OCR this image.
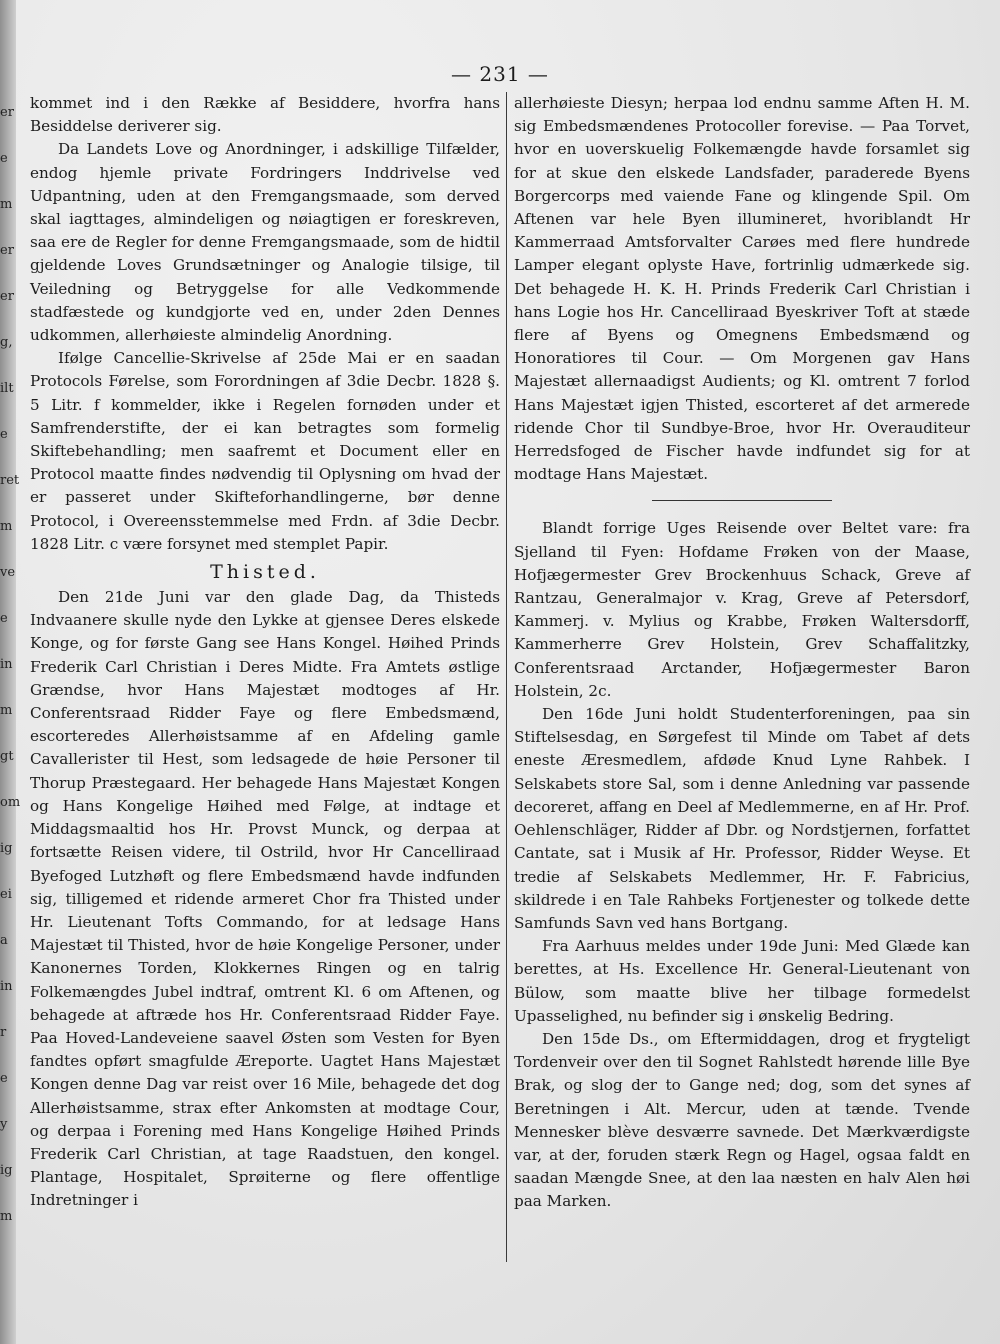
er
e
m
er
er
g,
ilt
e
ret
m
ve
e
in
m
gt
om
ig
ei
a
in
r
e
y
ig
m
— 231 —

kommet ind i den Række af Besiddere, hvorfra hans Besiddelse deriverer sig.

Da Landets Love og Anordninger, i adskillige Tilfælder, endog hjemle private Fordringers Inddrivelse ved Udpantning, uden at den Fremgangsmaade, som derved skal iagttages, almindeligen og nøiagtigen er foreskreven, saa ere de Regler for denne Fremgangsmaade, som de hidtil gjeldende Loves Grundsætninger og Analogie tilsige, til Veiledning og Betryggelse for alle Vedkommende stadfæstede og kundgjorte ved en, under 2den Dennes udkommen, allerhøieste almindelig Anordning.

Ifølge Cancellie-Skrivelse af 25de Mai er en saadan Protocols Førelse, som Forordningen af 3die Decbr. 1828 §. 5 Litr. f kommelder, ikke i Regelen fornøden under et Samfrenderstifte, der ei kan betragtes som formelig Skifteb͏ehandling; men saafremt et Document eller en Protocol maatte findes nødvendig til Oplysning om hvad der er passeret under Skifteforhandlingerne, bør denne Protocol, i Overeensstemmelse med Frdn. af 3die Decbr. 1828 Litr. c være forsynet med stemplet Papir.

Thisted.

Den 21de Juni var den glade Dag, da Thisteds Indvaanere skulle nyde den Lykke at gjensee Deres elskede Konge, og for første Gang see Hans Kongel. Høihed Prinds Frederik Carl Christian i Deres Midte. Fra Amtets østlige Grændse, hvor Hans Majestæt modtoges af Hr. Conferentsraad Ridder Faye og flere Embedsmænd, escorteredes Allerhøistsamme af en Afdeling gamle Cavallerister til Hest, som ledsagede de høie Personer til Thorup Præstegaard. Her behagede Hans Majestæt Kongen og Hans Kongelige Høihed med Følge, at indtage et Middagsmaaltid hos Hr. Provst Munck, og derpaa at fortsætte Reisen videre, til Ostrild, hvor Hr Cancelliraad Byefoged Lutzhøft og flere Embedsmænd havde indfunden sig, tilligemed et ridende armeret Chor fra Thisted under Hr. Lieutenant Tofts Commando, for at ledsage Hans Majestæt til Thisted, hvor de høie Kongelige Personer, under Kanonernes Torden, Klokkernes Ringen og en talrig Folkemængdes Jubel indtraf, omtrent Kl. 6 om Aftenen, og behagede at aftræde hos Hr. Conferentsraad Ridder Faye. Paa Hoved-Landeveiene saavel Østen som Vesten for Byen fandtes opført smagfulde Æreporte. Uagtet Hans Majestæt Kongen denne Dag var reist over 16 Mile, behagede det dog Allerhøistsamme, strax efter Ankomsten at modtage Cour, og derpaa i Forening med Hans Kongelige Høihed Prinds Frederik Carl Christian, at tage Raadstuen, den kongel. Plantage, Hospitalet, Sprøiterne og flere offentlige Indretninger i

allerhøieste Diesyn; herpaa lod endnu samme Aften H. M. sig Embedsmændenes Protocoller forevise. — Paa Torvet, hvor en uoverskuelig Folkemængde havde forsamlet sig for at skue den elskede Landsfader, paraderede Byens Borgercorps med vaiende Fane og klingende Spil. Om Aftenen var hele Byen illumineret, hvoriblandt Hr Kammerraad Amtsforvalter Carøes med flere hundrede Lamper elegant oplyste Have, fortrinlig udmærkede sig. Det behagede H. K. H. Prinds Frederik Carl Christian i hans Logie hos Hr. Cancelliraad Byeskriver Toft at stæde flere af Byens og Omegnens Embedsmænd og Honoratiores til Cour. — Om Morgenen gav Hans Majestæt allernaadigst Audients; og Kl. omtrent 7 forlod Hans Majestæt igjen Thisted, escorteret af det armerede ridende Chor til Sundbye-Broe, hvor Hr. Overauditeur Herredsfoged de Fischer havde indfundet sig for at modtage Hans Majestæt.

Blandt forrige Uges Reisende over Beltet vare: fra Sjelland til Fyen: Hofdame Frøken von der Maase, Hofjægermester Grev Brockenhuus Schack, Greve af Rantzau, Generalmajor v. Krag, Greve af Petersdorf, Kammerj. v. Mylius og Krabbe, Frøken Waltersdorff, Kammerherre Grev Holstein, Grev Schaffalitzky, Conferentsraad Arctander, Hofjægermester Baron Holstein, 2c.

Den 16de Juni holdt Studenterforeningen, paa sin Stiftelsesdag, en Sørgefest til Minde om Tabet af dets eneste Æresmedlem, afdøde Knud Lyne Rahbek. I Selskabets store Sal, som i denne Anledning var passende decoreret, affang en Deel af Medlemmerne, en af Hr. Prof. Oehlenschläger, Ridder af Dbr. og Nordstjernen, forfattet Cantate, sat i Musik af Hr. Professor, Ridder Weyse. Et tredie af Selskabets Medlemmer, Hr. F. Fabricius, skildrede i en Tale Rahbeks Fortjenester og tolkede dette Samfunds Savn ved hans Bortgang.

Fra Aarhuus meldes under 19de Juni: Med Glæde kan berettes, at Hs. Excellence Hr. General-Lieutenant von Bülow, som maatte blive her tilbage formedelst Upasselighed, nu befinder sig i ønskelig Bedring.

Den 15de Ds., om Eftermiddagen, drog et frygteligt Tordenveir over den til Sognet Rahlstedt hørende lille Bye Brak, og slog der to Gange ned; dog, som det synes af Beretningen i Alt. Mercur, uden at tænde. Tvende Mennesker blève desværre savnede. Det Mærkværdigste var, at der, foruden stærk Regn og Hagel, ogsaa faldt en saadan Mængde Snee, at den laa næsten en halv Alen høi paa Marken.
